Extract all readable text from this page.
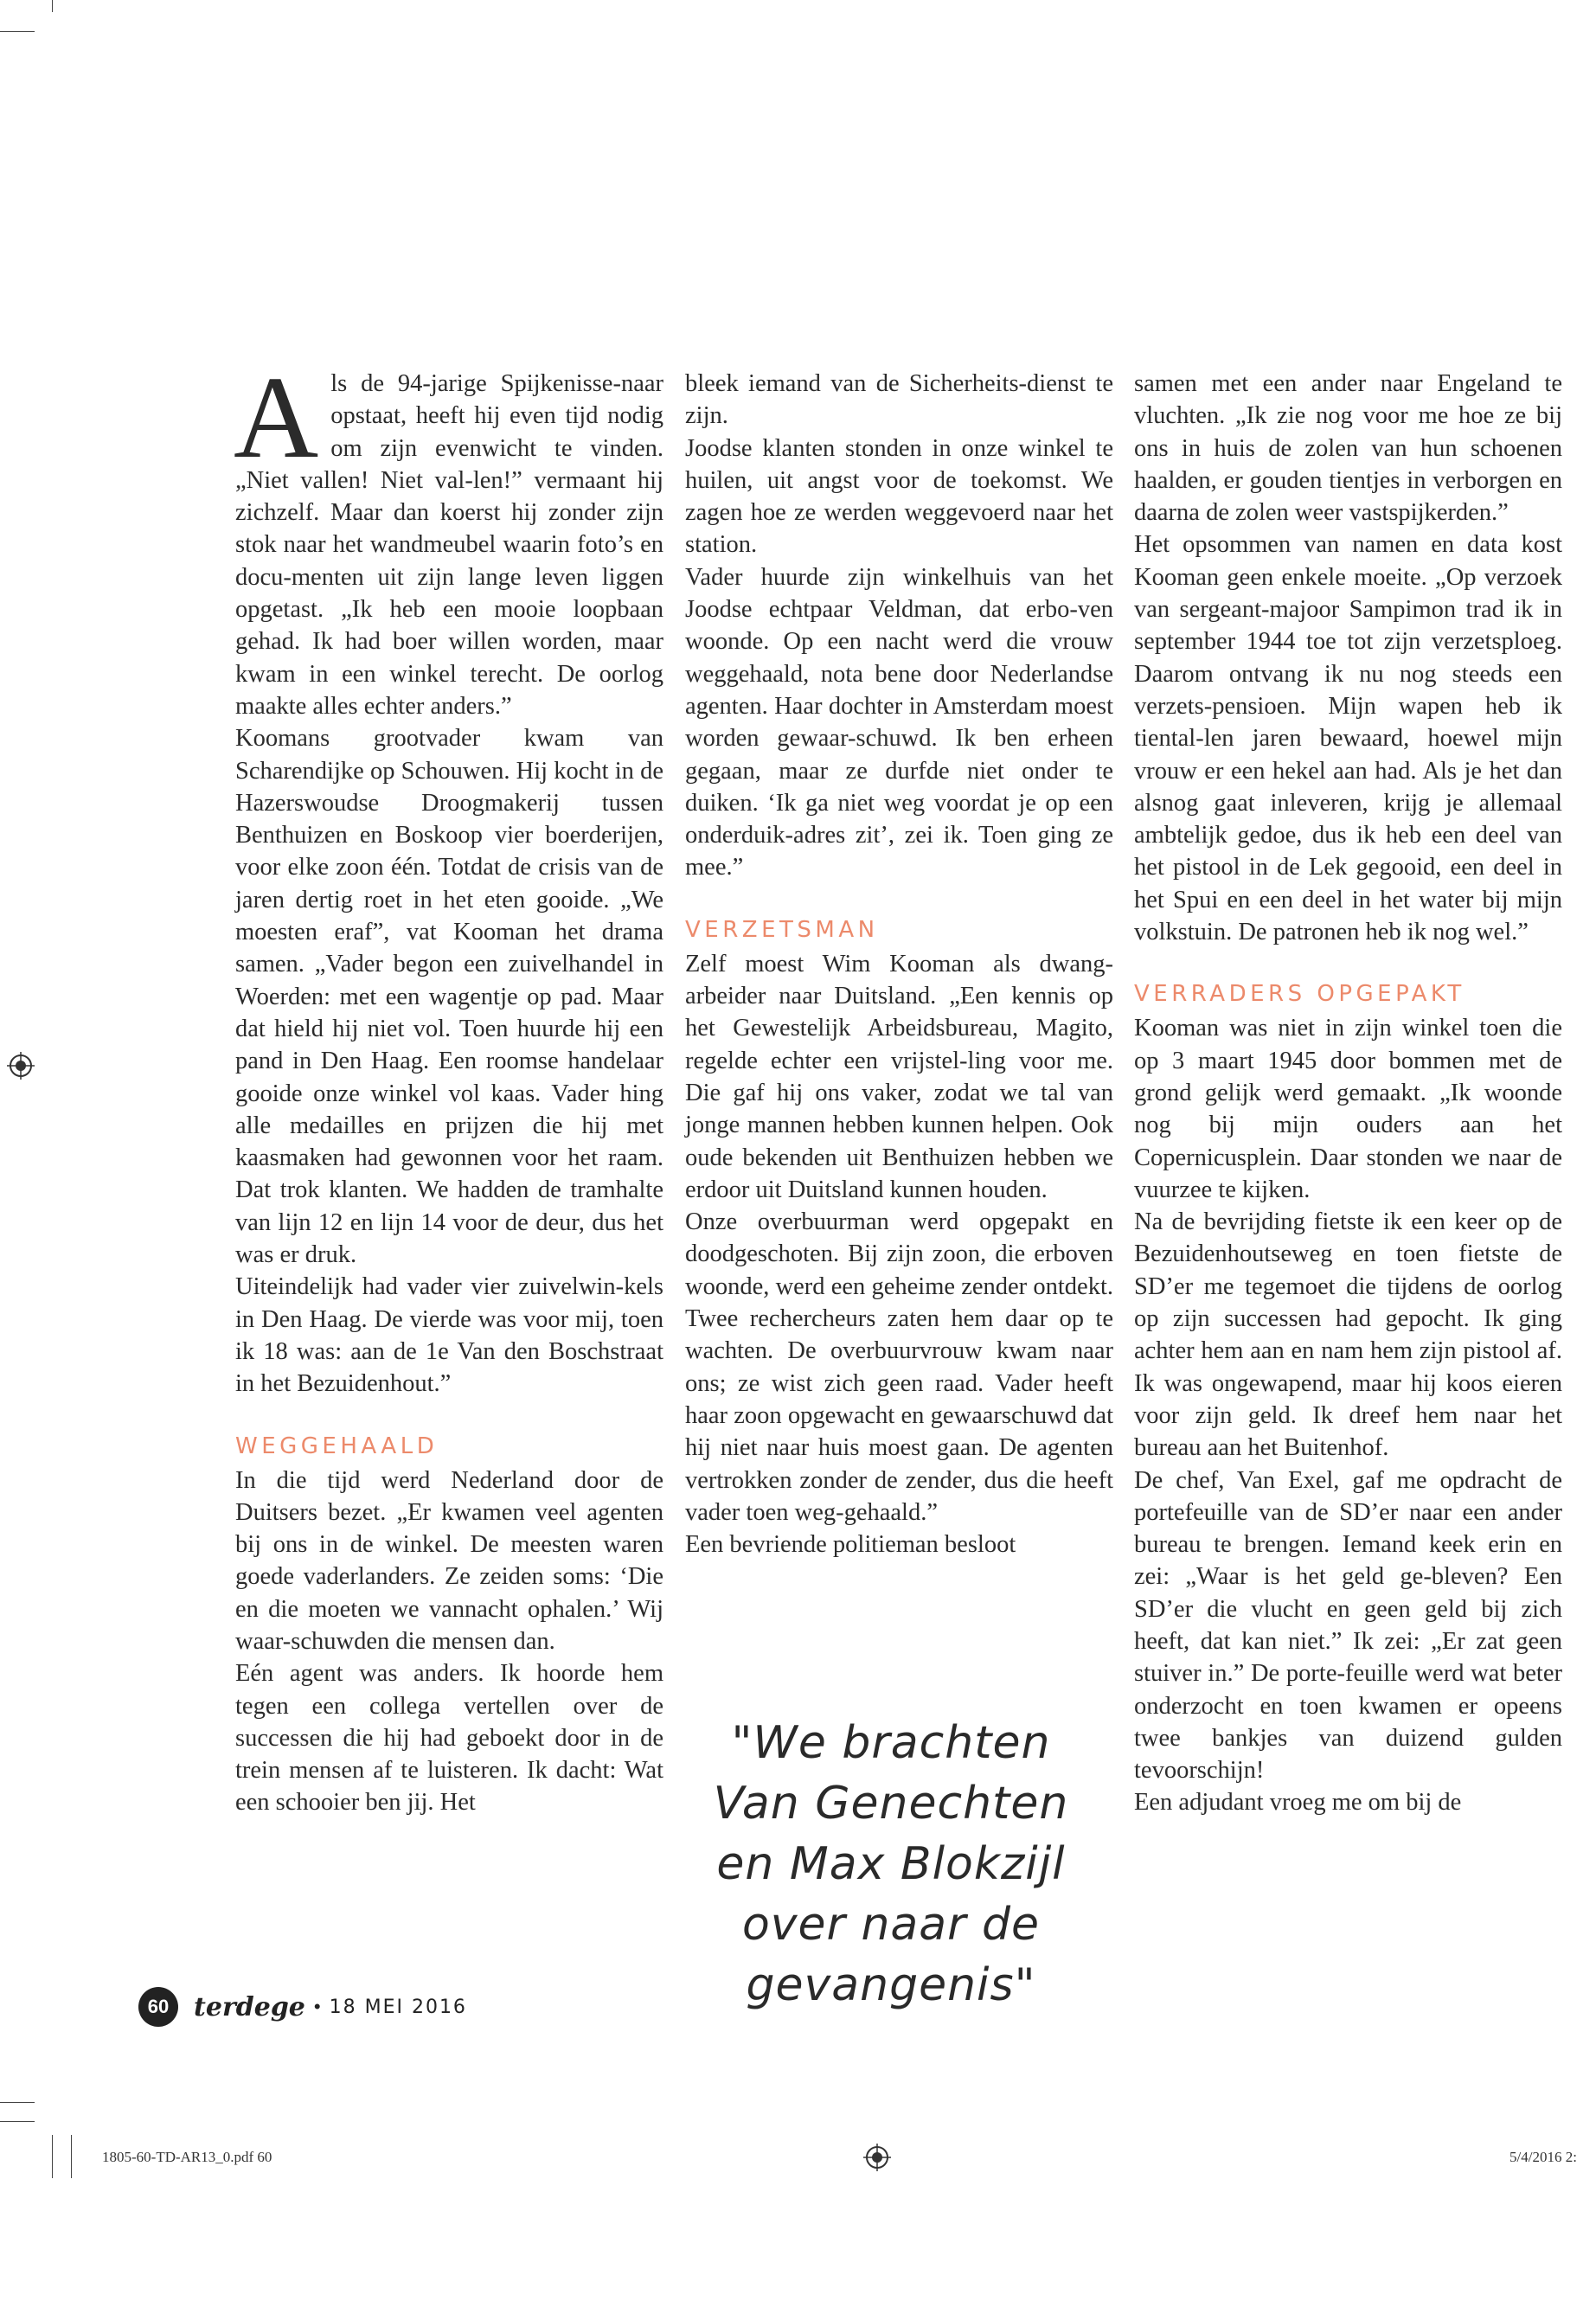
A ls de 94-jarige Spijkenisse-naar opstaat, heeft hij even tijd nodig om zijn evenwicht te vinden. „Niet vallen! Niet val-len!” vermaant hij zichzelf. Maar dan koerst hij zonder zijn stok naar het wandmeubel waarin foto’s en docu-menten uit zijn lange leven liggen opgetast. „Ik heb een mooie loopbaan gehad. Ik had boer willen worden, maar kwam in een winkel terecht. De oorlog maakte alles echter anders.”

Koomans grootvader kwam van Scharendijke op Schouwen. Hij kocht in de Hazerswoudse Droogmakerij tussen Benthuizen en Boskoop vier boerderijen, voor elke zoon één. Totdat de crisis van de jaren dertig roet in het eten gooide. „We moesten eraf”, vat Kooman het drama samen. „Vader begon een zuivelhandel in Woerden: met een wagentje op pad. Maar dat hield hij niet vol. Toen huurde hij een pand in Den Haag. Een roomse handelaar gooide onze winkel vol kaas. Vader hing alle medailles en prijzen die hij met kaasmaken had gewonnen voor het raam. Dat trok klanten. We hadden de tramhalte van lijn 12 en lijn 14 voor de deur, dus het was er druk.

Uiteindelijk had vader vier zuivelwin-kels in Den Haag. De vierde was voor mij, toen ik 18 was: aan de 1e Van den Boschstraat in het Bezuidenhout.”

WEGGEHAALD

In die tijd werd Nederland door de Duitsers bezet. „Er kwamen veel agenten bij ons in de winkel. De meesten waren goede vaderlanders. Ze zeiden soms: ‘Die en die moeten we vannacht ophalen.’ Wij waar-schuwden die mensen dan.

Eén agent was anders. Ik hoorde hem tegen een collega vertellen over de successen die hij had geboekt door in de trein mensen af te luisteren. Ik dacht: Wat een schooier ben jij. Het

bleek iemand van de Sicherheits-dienst te zijn.

Joodse klanten stonden in onze winkel te huilen, uit angst voor de toekomst. We zagen hoe ze werden weggevoerd naar het station.

Vader huurde zijn winkelhuis van het Joodse echtpaar Veldman, dat erbo-ven woonde. Op een nacht werd die vrouw weggehaald, nota bene door Nederlandse agenten. Haar dochter in Amsterdam moest worden gewaar-schuwd. Ik ben erheen gegaan, maar ze durfde niet onder te duiken. ‘Ik ga niet weg voordat je op een onderduik-adres zit’, zei ik. Toen ging ze mee.”

VERZETSMAN

Zelf moest Wim Kooman als dwang-arbeider naar Duitsland. „Een kennis op het Gewestelijk Arbeidsbureau, Magito, regelde echter een vrijstel-ling voor me. Die gaf hij ons vaker, zodat we tal van jonge mannen hebben kunnen helpen. Ook oude bekenden uit Benthuizen hebben we erdoor uit Duitsland kunnen houden.

Onze overbuurman werd opgepakt en doodgeschoten. Bij zijn zoon, die erboven woonde, werd een geheime zender ontdekt. Twee rechercheurs zaten hem daar op te wachten. De overbuurvrouw kwam naar ons; ze wist zich geen raad. Vader heeft haar zoon opgewacht en gewaarschuwd dat hij niet naar huis moest gaan. De agenten vertrokken zonder de zender, dus die heeft vader toen weg-gehaald.”

Een bevriende politieman besloot

"We brachten Van Genechten en Max Blokzijl over naar de gevangenis"

samen met een ander naar Engeland te vluchten. „Ik zie nog voor me hoe ze bij ons in huis de zolen van hun schoenen haalden, er gouden tientjes in verborgen en daarna de zolen weer vastspijkerden.”

Het opsommen van namen en data kost Kooman geen enkele moeite. „Op verzoek van sergeant-majoor Sampimon trad ik in september 1944 toe tot zijn verzetsploeg. Daarom ontvang ik nu nog steeds een verzets-pensioen. Mijn wapen heb ik tiental-len jaren bewaard, hoewel mijn vrouw er een hekel aan had. Als je het dan alsnog gaat inleveren, krijg je allemaal ambtelijk gedoe, dus ik heb een deel van het pistool in de Lek gegooid, een deel in het Spui en een deel in het water bij mijn volkstuin. De patronen heb ik nog wel.”

VERRADERS OPGEPAKT

Kooman was niet in zijn winkel toen die op 3 maart 1945 door bommen met de grond gelijk werd gemaakt. „Ik woonde nog bij mijn ouders aan het Copernicusplein. Daar stonden we naar de vuurzee te kijken.

Na de bevrijding fietste ik een keer op de Bezuidenhoutseweg en toen fietste de SD’er me tegemoet die tijdens de oorlog op zijn successen had gepocht. Ik ging achter hem aan en nam hem zijn pistool af. Ik was ongewapend, maar hij koos eieren voor zijn geld. Ik dreef hem naar het bureau aan het Buitenhof.

De chef, Van Exel, gaf me opdracht de portefeuille van de SD’er naar een ander bureau te brengen. Iemand keek erin en zei: „Waar is het geld ge-bleven? Een SD’er die vlucht en geen geld bij zich heeft, dat kan niet.” Ik zei: „Er zat geen stuiver in.” De porte-feuille werd wat beter onderzocht en toen kwamen er opeens twee bankjes van duizend gulden tevoorschijn!

Een adjudant vroeg me om bij de

60 terdege • 18 MEI 2016
1805-60-TD-AR13_0.pdf 60	5/4/2016 2:
